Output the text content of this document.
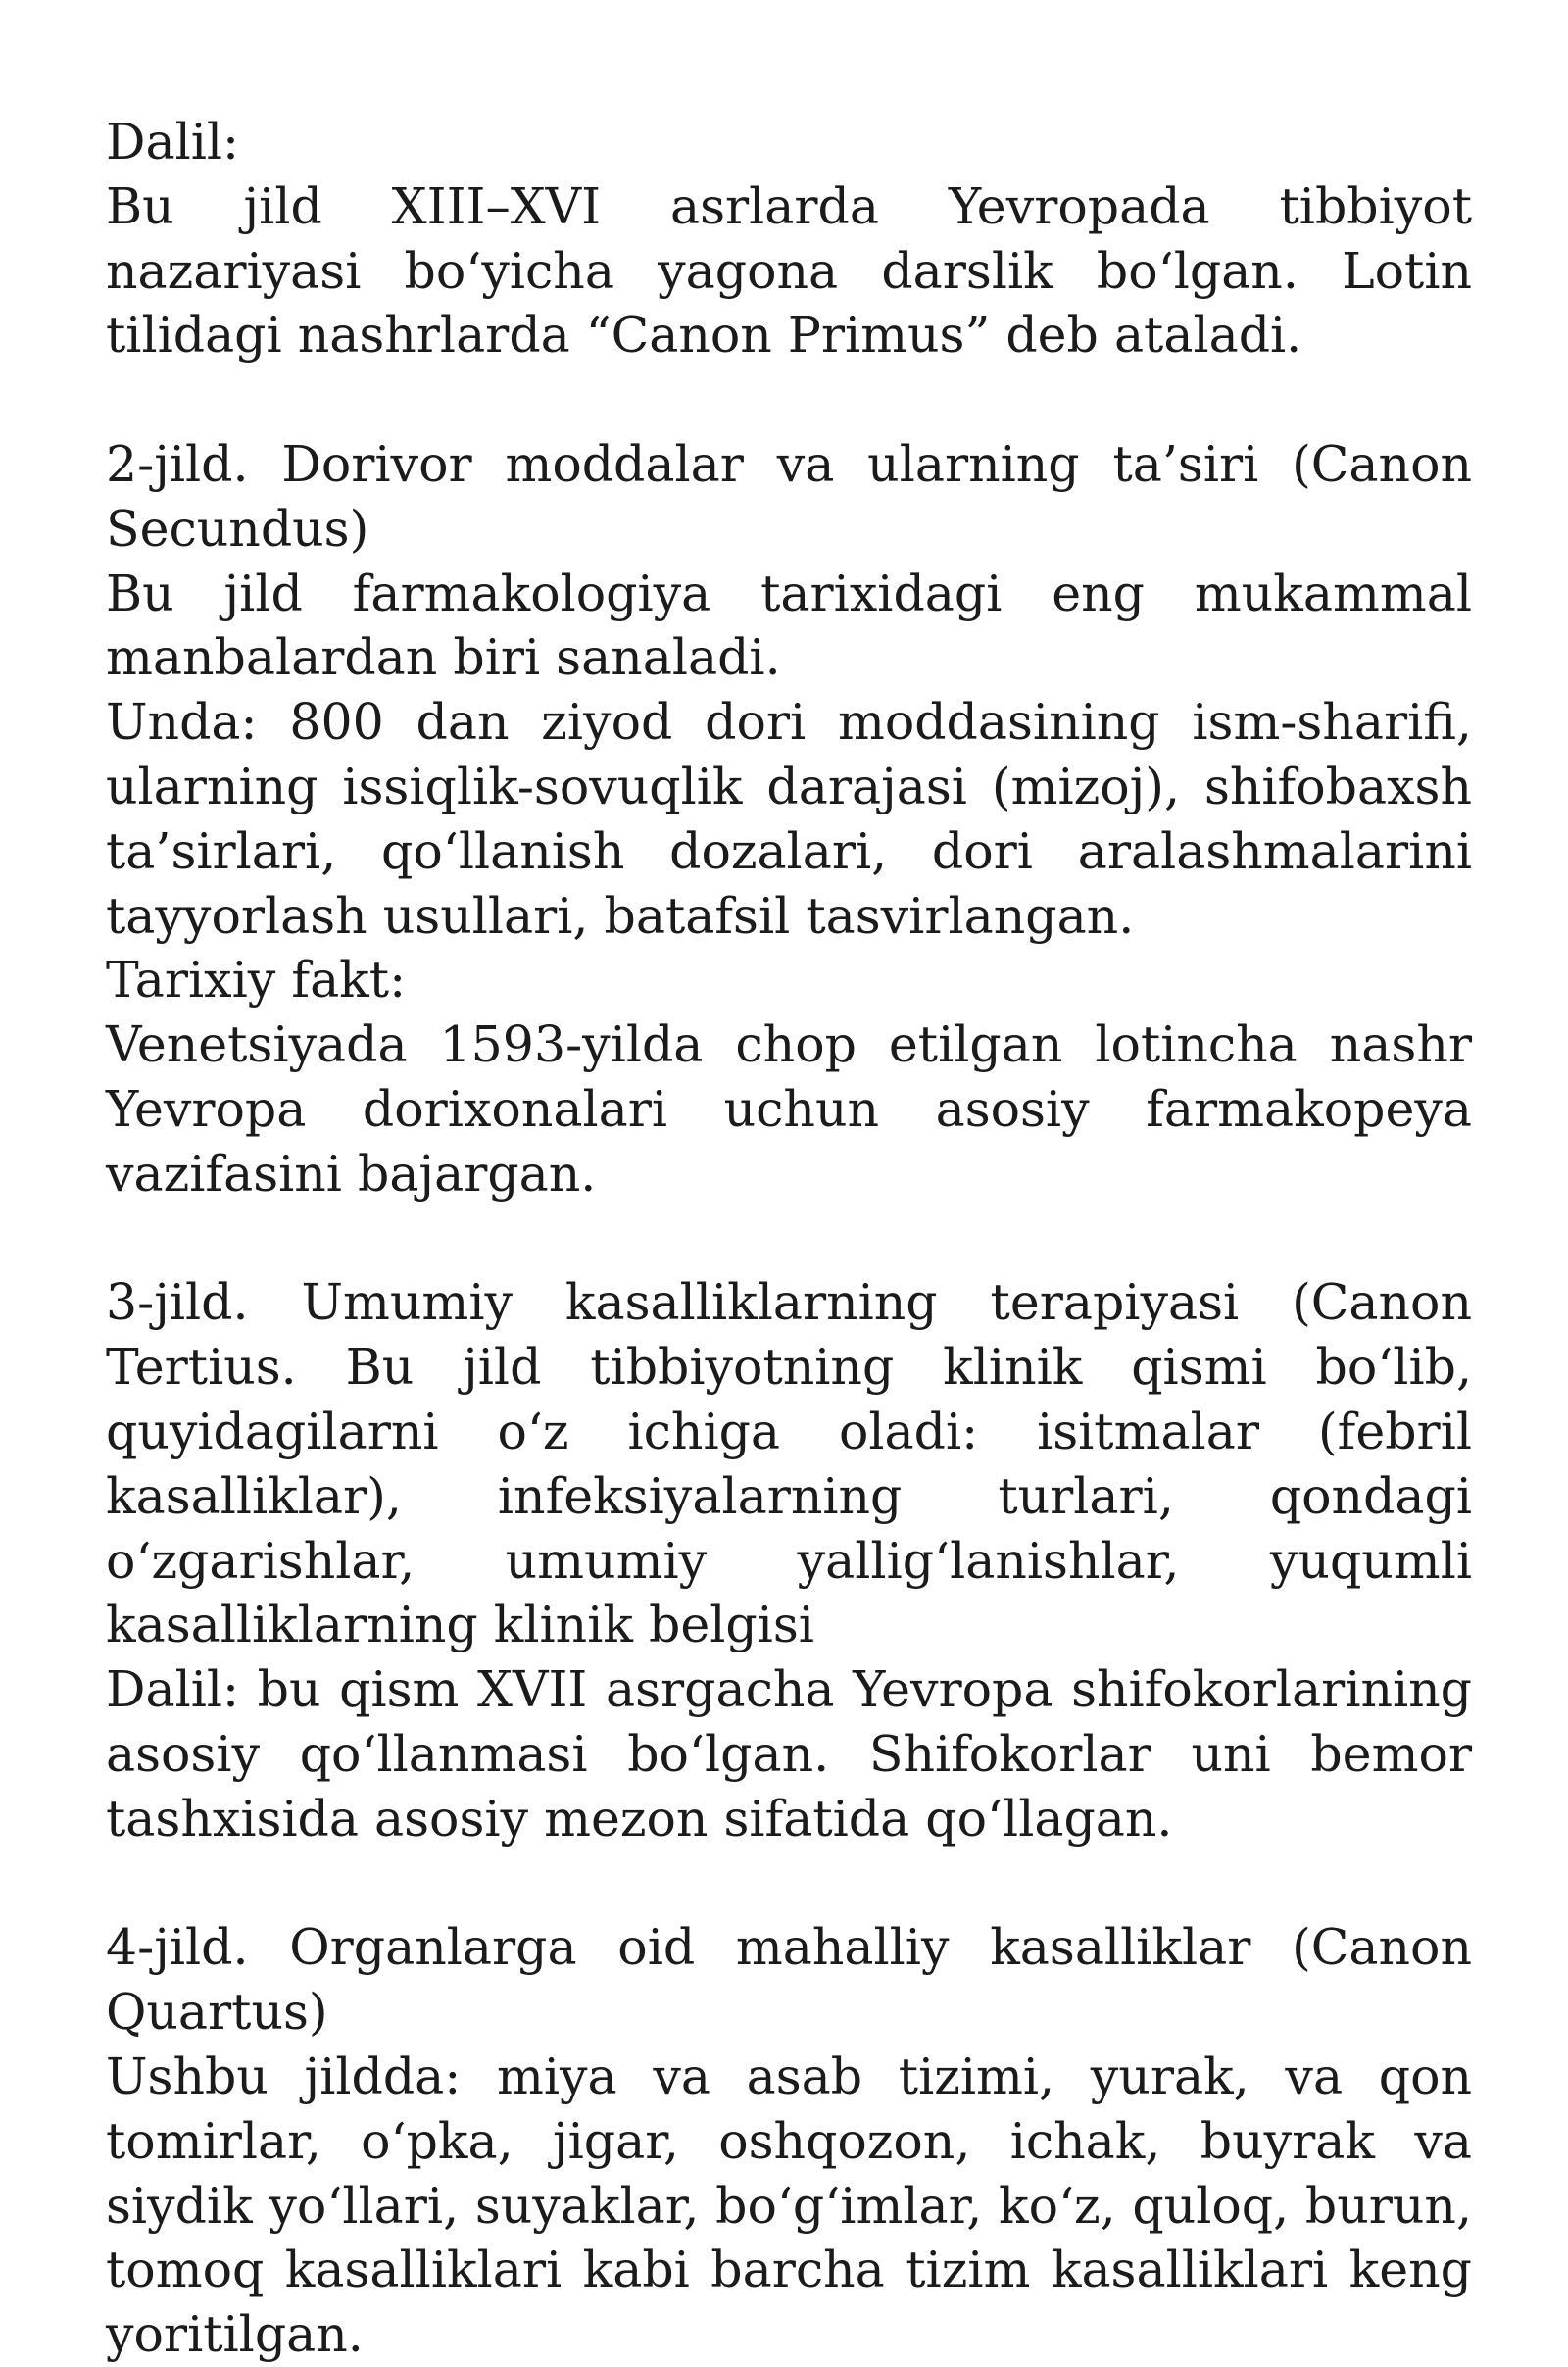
Dalil:

Bu jild XIII–XVI asrlarda Yevropada tibbiyot nazariyasi bo‘yicha yagona darslik bo‘lgan. Lotin tilidagi nashrlarda “Canon Primus” deb ataladi.

2-jild. Dorivor moddalar va ularning ta’siri (Canon Secundus)

Bu jild farmakologiya tarixidagi eng mukammal manbalardan biri sanaladi.

Unda: 800 dan ziyod dori moddasining ism-sharifi, ularning issiqlik-sovuqlik darajasi (mizoj), shifobaxsh ta’sirlari, qo‘llanish dozalari, dori aralashmalarini tayyorlash usullari, batafsil tasvirlangan.

Tarixiy fakt:

Venetsiyada 1593-yilda chop etilgan lotincha nashr Yevropa dorixonalari uchun asosiy farmakopeya vazifasini bajargan.

3-jild. Umumiy kasalliklarning terapiyasi (Canon Tertius. Bu jild tibbiyotning klinik qismi bo‘lib, quyidagilarni o‘z ichiga oladi: isitmalar (febril kasalliklar), infeksiyalarning turlari, qondagi o‘zgarishlar, umumiy yallig‘lanishlar, yuqumli kasalliklarning klinik belgisi

Dalil: bu qism XVII asrgacha Yevropa shifokorlarining asosiy qo‘llanmasi bo‘lgan. Shifokorlar uni bemor tashxisida asosiy mezon sifatida qo‘llagan.

4-jild. Organlarga oid mahalliy kasalliklar (Canon Quartus)

Ushbu jildda: miya va asab tizimi, yurak, va qon tomirlar, o‘pka, jigar, oshqozon, ichak, buyrak va siydik yo‘llari, suyaklar, bo‘g‘imlar, ko‘z, quloq, burun, tomoq kasalliklari kabi barcha tizim kasalliklari keng yoritilgan.
